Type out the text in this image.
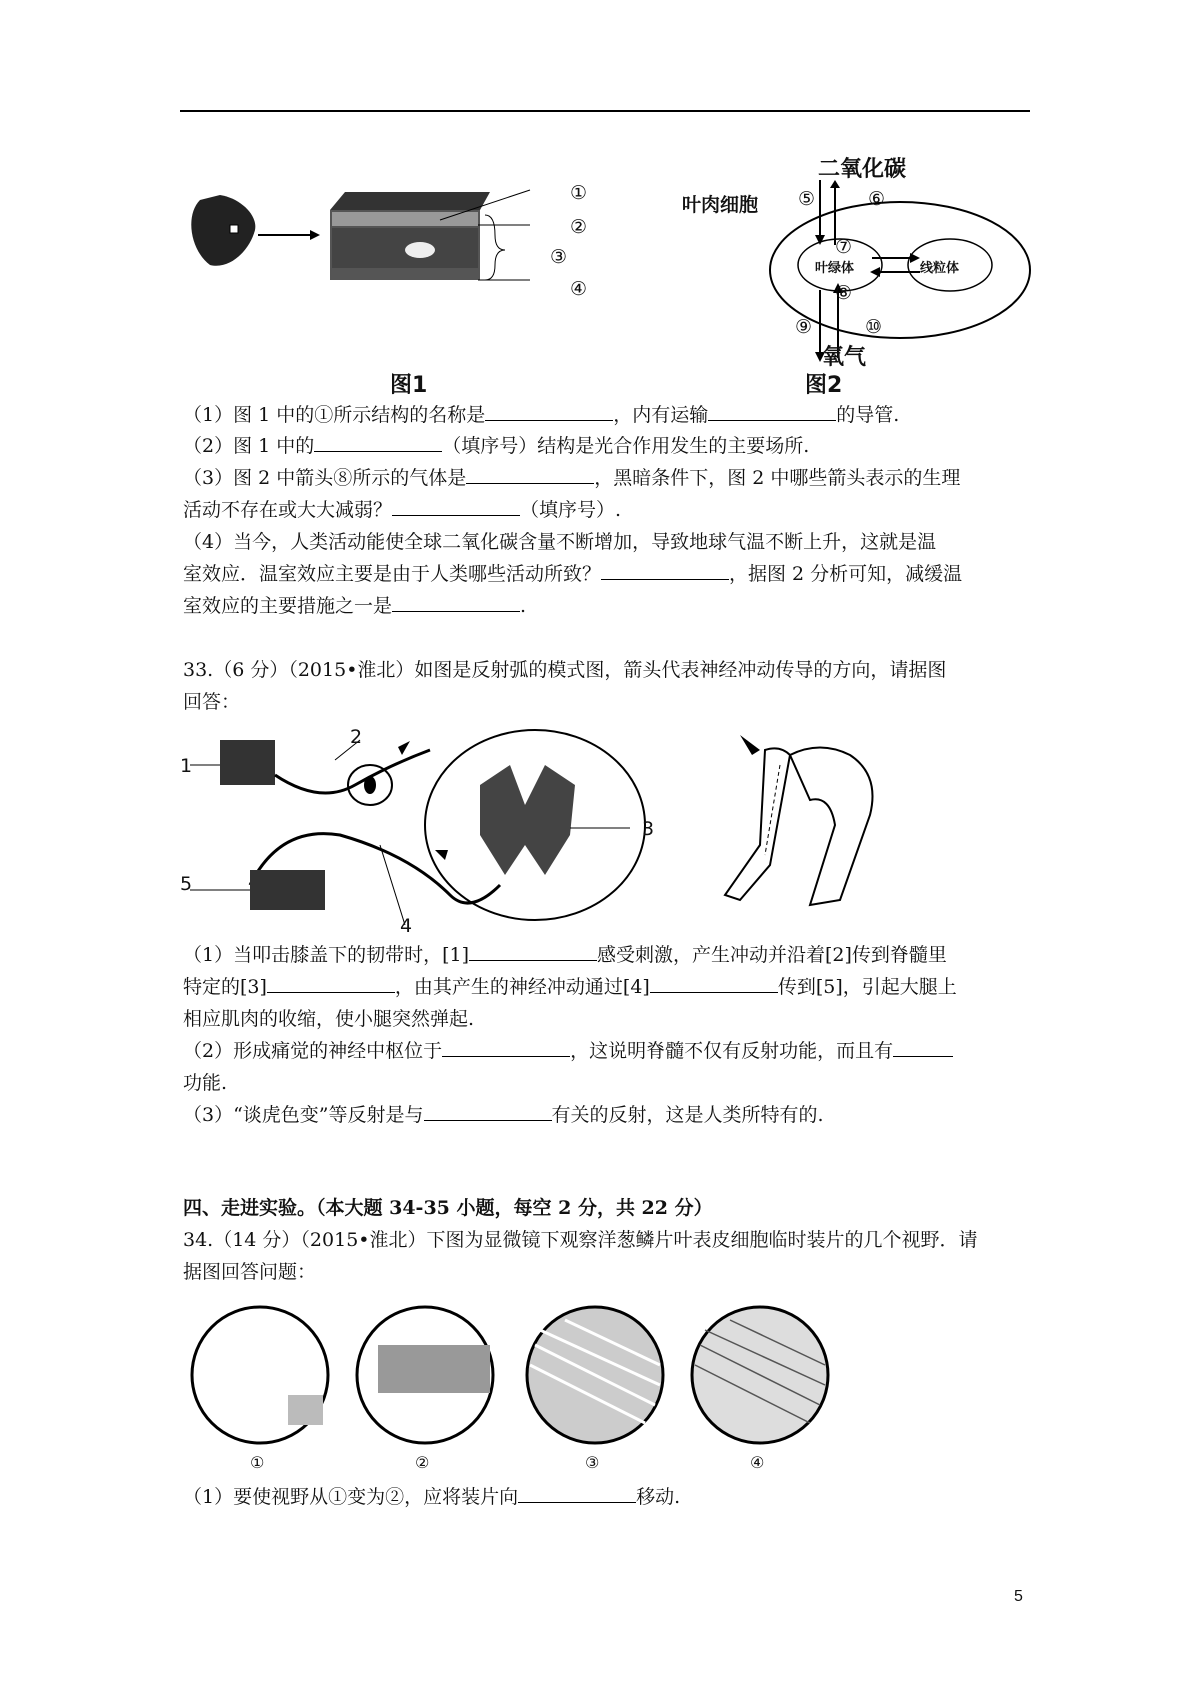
①
②
③
④
图1
二氧化碳
叶肉细胞 ⑤	⑥
⑦
叶绿体	线粒体
⑧
⑨	⑩
氧气
图2
（1）图 1 中的①所示结构的名称是	，内有运输	的导管.
（2）图 1 中的	（填序号）结构是光合作用发生的主要场所.
（3）图 2 中箭头⑧所示的气体是	，黑暗条件下，图 2 中哪些箭头表示的生理
活动不存在或大大减弱？	（填序号）.
（4）当今，人类活动能使全球二氧化碳含量不断增加，导致地球气温不断上升，这就是温
室效应．温室效应主要是由于人类哪些活动所致？	，据图 2 分析可知，减缓温
室效应的主要措施之一是	.
33.（6 分）（2015•淮北）如图是反射弧的模式图，箭头代表神经冲动传导的方向，请据图
回答：
1
2
3
4
5
（1）当叩击膝盖下的韧带时，[1]	感受刺激，产生冲动并沿着[2]传到脊髓里
特定的[3]	，由其产生的神经冲动通过[4]	传到[5]，引起大腿上
相应肌肉的收缩，使小腿突然弹起.
（2）形成痛觉的神经中枢位于	，这说明脊髓不仅有反射功能，而且有
功能.
（3）“谈虎色变”等反射是与	有关的反射，这是人类所特有的.
四、走进实验。（本大题 34-35 小题，每空 2 分，共 22 分）
34.（14 分）（2015•淮北）下图为显微镜下观察洋葱鳞片叶表皮细胞临时装片的几个视野．请
据图回答问题：
①	②	③	④
（1）要使视野从①变为②，应将装片向	移动.
5
